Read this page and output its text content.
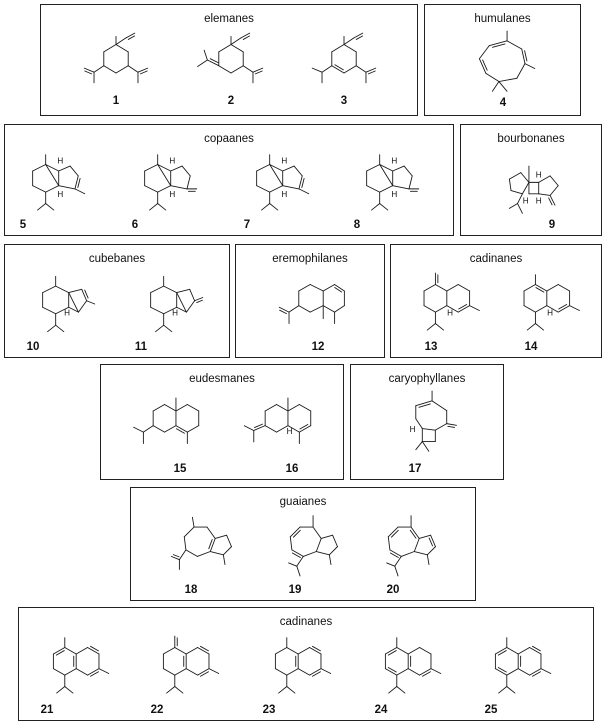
elemanes
1	2	3
humulanes
4
copaanes
H
H
H
H
H
H
H
H
5	6	7	8
bourbonanes
H
H H
9
cubebanes
H	H
10	11
eremophilanes
12
cadinanes
H	H
13	14
eudesmanes
H
15	16
caryophyllanes
H
17
guaianes
18	19	20
cadinanes
21	22	23	24	25
